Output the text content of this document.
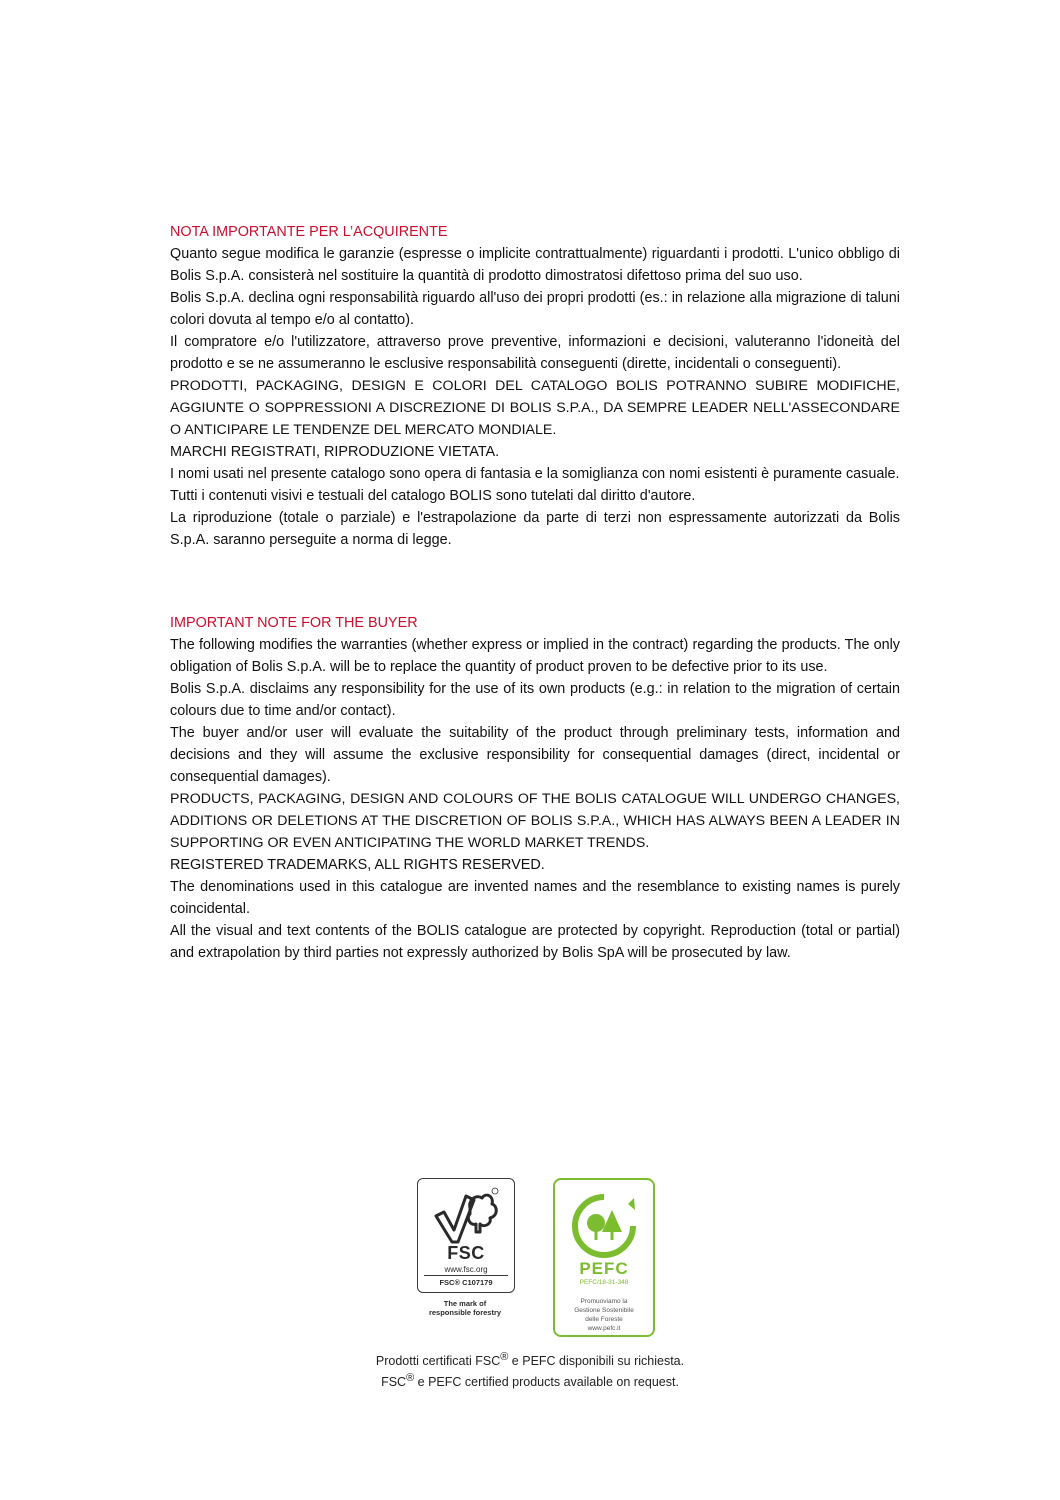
NOTA IMPORTANTE PER L’ACQUIRENTE

Quanto segue modifica le garanzie (espresse o implicite contrattualmente) riguardanti i prodotti. L'unico obbligo di Bolis S.p.A. consisterà nel sostituire la quantità di prodotto dimostratosi difettoso prima del suo uso.

Bolis S.p.A. declina ogni responsabilità riguardo all'uso dei propri prodotti (es.: in relazione alla migrazione di taluni colori dovuta al tempo e/o al contatto).

Il compratore e/o l'utilizzatore, attraverso prove preventive, informazioni e decisioni, valuteranno l'idoneità del prodotto e se ne assumeranno le esclusive responsabilità conseguenti (dirette, incidentali o conseguenti).

PRODOTTI, PACKAGING, DESIGN E COLORI DEL CATALOGO BOLIS POTRANNO SUBIRE MODIFICHE, AGGIUNTE O SOPPRESSIONI A DISCREZIONE DI BOLIS S.P.A., DA SEMPRE LEADER NELL'ASSECONDARE O ANTICIPARE LE TENDENZE DEL MERCATO MONDIALE.

MARCHI REGISTRATI, RIPRODUZIONE VIETATA.

I nomi usati nel presente catalogo sono opera di fantasia e la somiglianza con nomi esistenti è puramente casuale.

Tutti i contenuti visivi e testuali del catalogo BOLIS sono tutelati dal diritto d'autore.

La riproduzione (totale o parziale) e l'estrapolazione da parte di terzi non espressamente autorizzati da Bolis S.p.A. saranno perseguite a norma di legge.

IMPORTANT NOTE FOR THE BUYER

The following modifies the warranties (whether express or implied in the contract) regarding the products. The only obligation of Bolis S.p.A. will be to replace the quantity of product proven to be defective prior to its use.

Bolis S.p.A. disclaims any responsibility for the use of its own products (e.g.: in relation to the migration of certain colours due to time and/or contact).

The buyer and/or user will evaluate the suitability of the product through preliminary tests, information and decisions and they will assume the exclusive responsibility for consequential damages (direct, incidental or consequential damages).

PRODUCTS, PACKAGING, DESIGN AND COLOURS OF THE BOLIS CATALOGUE WILL UNDERGO CHANGES, ADDITIONS OR DELETIONS AT THE DISCRETION OF BOLIS S.P.A., WHICH HAS ALWAYS BEEN A LEADER IN SUPPORTING OR EVEN ANTICIPATING THE WORLD MARKET TRENDS.

REGISTERED TRADEMARKS, ALL RIGHTS RESERVED.

The denominations used in this catalogue are invented names and the resemblance to existing names is purely coincidental.

All the visual and text contents of the BOLIS catalogue are protected by copyright. Reproduction (total or partial) and extrapolation by third parties not expressly authorized by Bolis SpA will be prosecuted by law.

FSC
www.fsc.org
FSC® C107179
The mark of
responsible forestry
PEFC
PEFC/18-31-348
Promuoviamo la
Gestione Sostenibile
delle Foreste
www.pefc.it

Prodotti certificati FSC® e PEFC disponibili su richiesta.

FSC® e PEFC certified products available on request.
